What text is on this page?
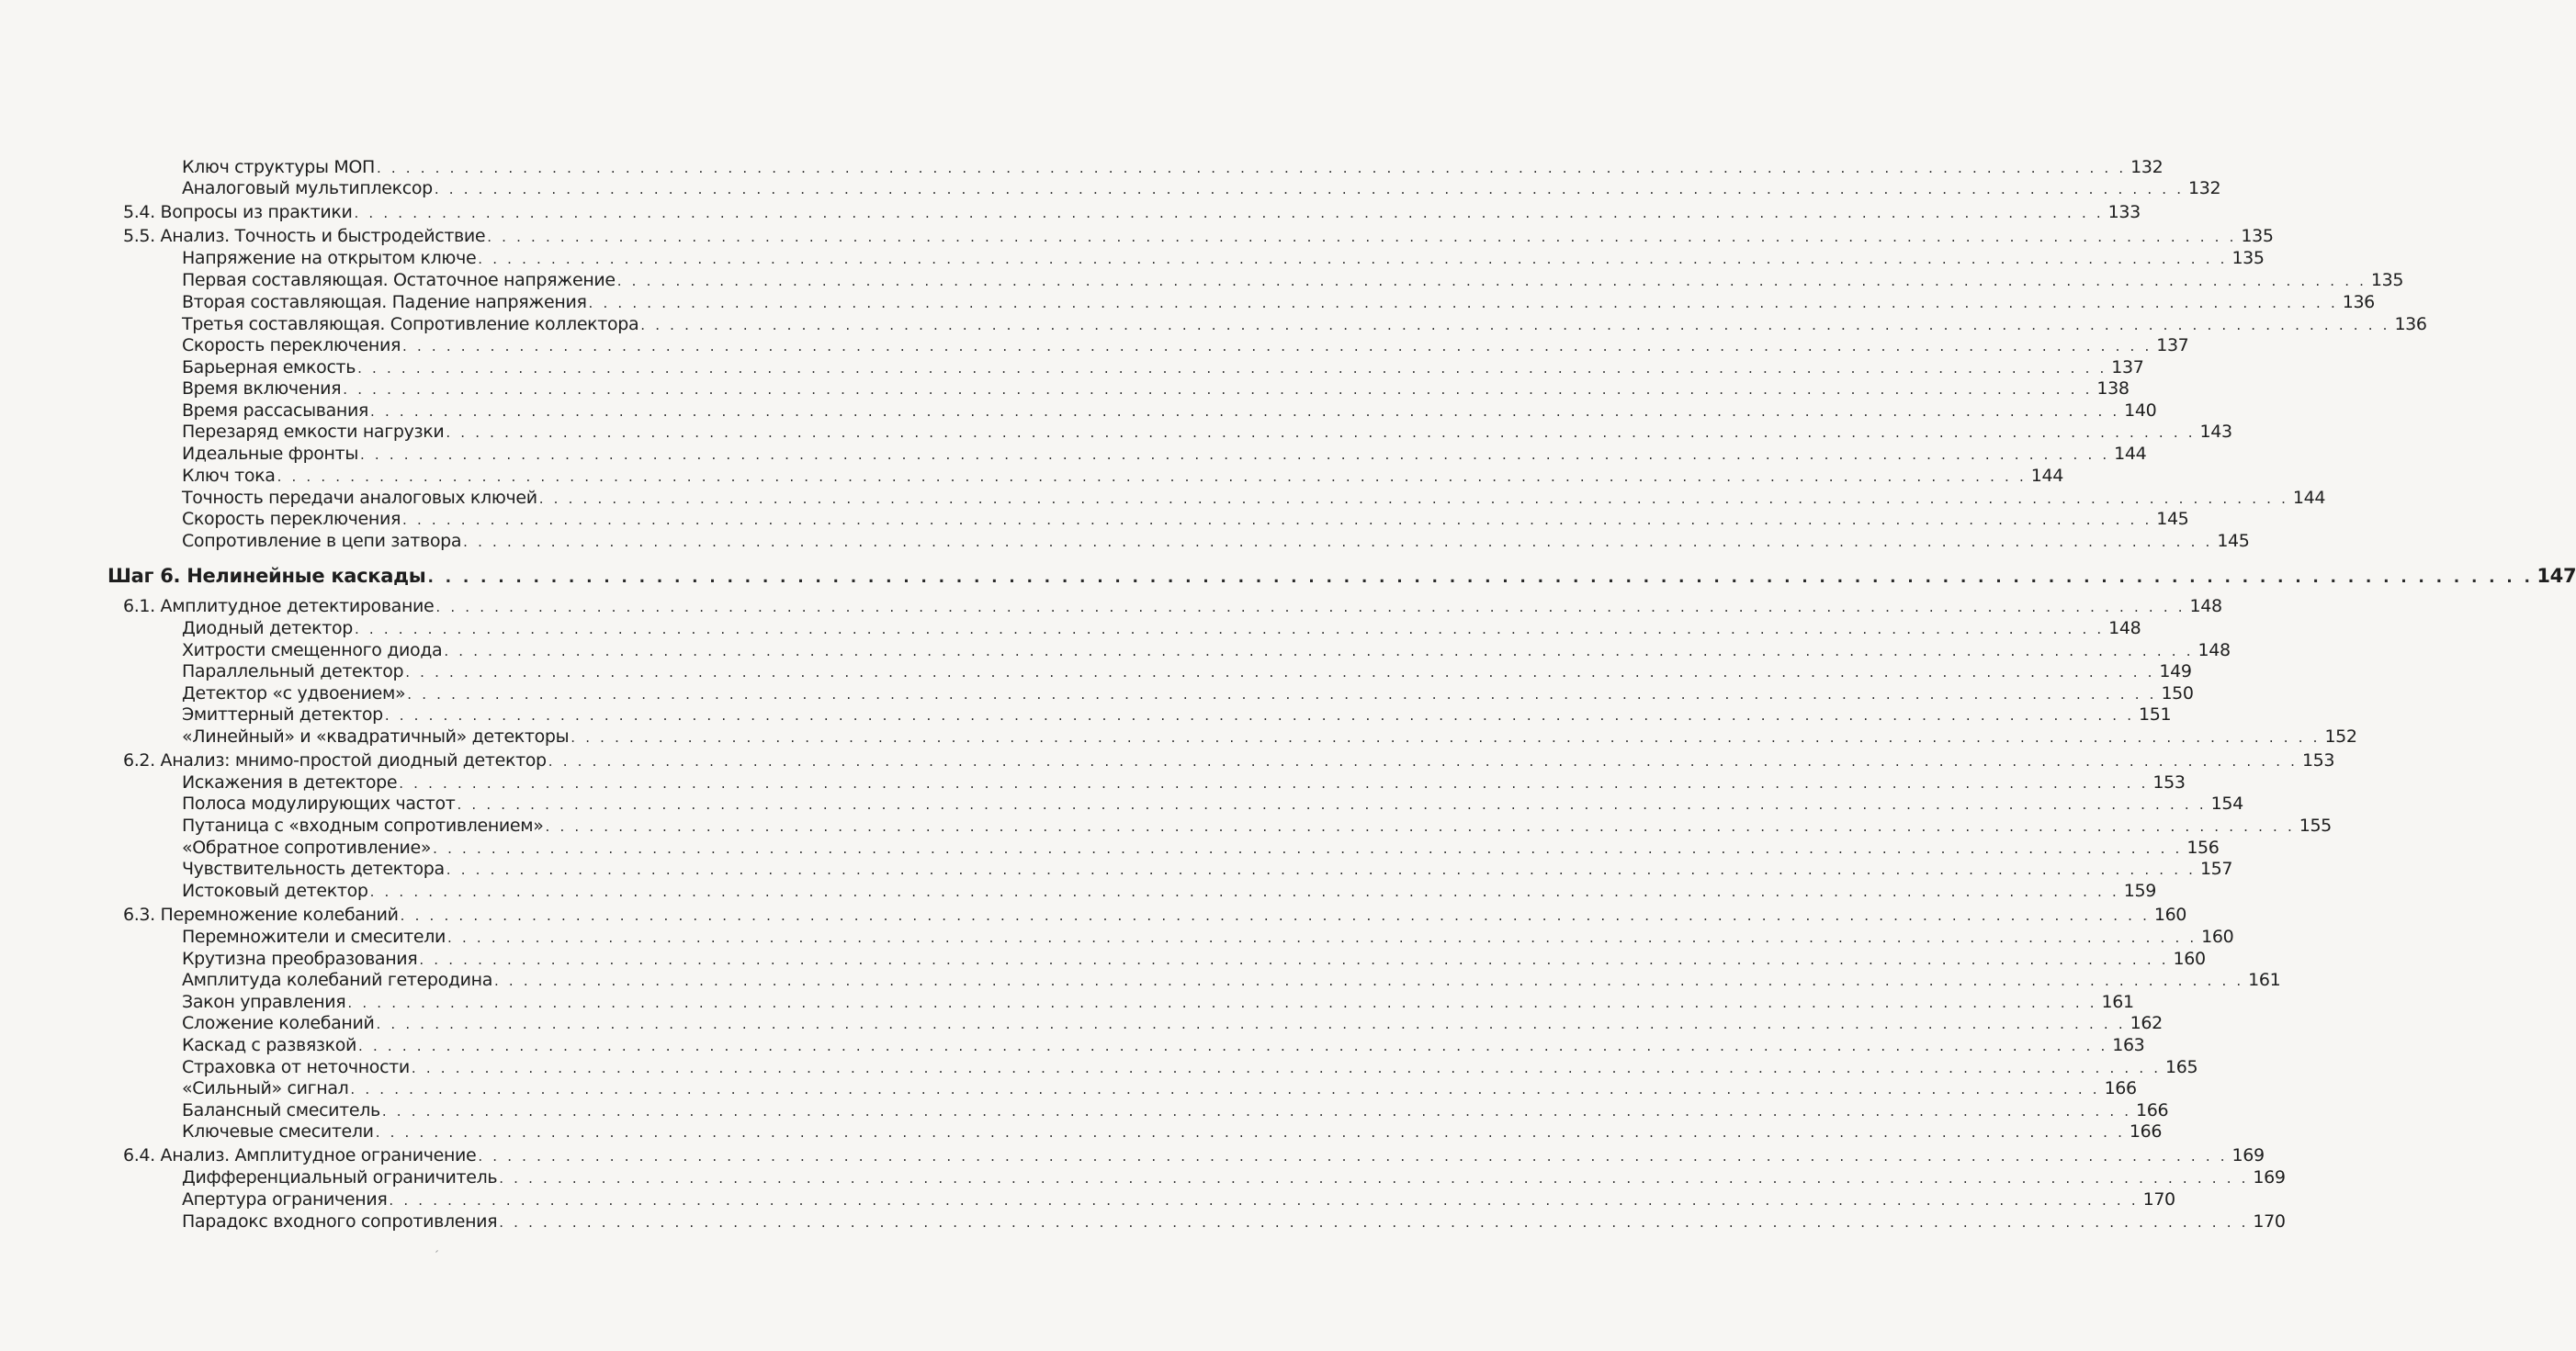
Ключ структуры МОП . . . . . . . . . . . . . . . . . . . . . . . . . . . . . . . . . . . . . . . . . . . . . . . . . . . . . . . . . . . . . . . . . . . . . . . . . . . . . . . . . . . . . . . . . . . . . . . . . . . . . . . . . . . . . . . . . . . . . . . . 132
Аналоговый мультиплексор . . . . . . . . . . . . . . . . . . . . . . . . . . . . . . . . . . . . . . . . . . . . . . . . . . . . . . . . . . . . . . . . . . . . . . . . . . . . . . . . . . . . . . . . . . . . . . . . . . . . . . . . . . . . . . . . . . . . . . . . 132
5.4. Вопросы из практики . . . . . . . . . . . . . . . . . . . . . . . . . . . . . . . . . . . . . . . . . . . . . . . . . . . . . . . . . . . . . . . . . . . . . . . . . . . . . . . . . . . . . . . . . . . . . . . . . . . . . . . . . . . . . . . . . . . . . . . . 133
5.5. Анализ. Точность и быстродействие . . . . . . . . . . . . . . . . . . . . . . . . . . . . . . . . . . . . . . . . . . . . . . . . . . . . . . . . . . . . . . . . . . . . . . . . . . . . . . . . . . . . . . . . . . . . . . . . . . . . . . . . . . . . . . . . . . . . . . . . 135
Напряжение на открытом ключе . . . . . . . . . . . . . . . . . . . . . . . . . . . . . . . . . . . . . . . . . . . . . . . . . . . . . . . . . . . . . . . . . . . . . . . . . . . . . . . . . . . . . . . . . . . . . . . . . . . . . . . . . . . . . . . . . . . . . . . . 135
Первая составляющая. Остаточное напряжение . . . . . . . . . . . . . . . . . . . . . . . . . . . . . . . . . . . . . . . . . . . . . . . . . . . . . . . . . . . . . . . . . . . . . . . . . . . . . . . . . . . . . . . . . . . . . . . . . . . . . . . . . . . . . . . . . . . . . . . . 135
Вторая составляющая. Падение напряжения . . . . . . . . . . . . . . . . . . . . . . . . . . . . . . . . . . . . . . . . . . . . . . . . . . . . . . . . . . . . . . . . . . . . . . . . . . . . . . . . . . . . . . . . . . . . . . . . . . . . . . . . . . . . . . . . . . . . . . . . 136
Третья составляющая. Сопротивление коллектора . . . . . . . . . . . . . . . . . . . . . . . . . . . . . . . . . . . . . . . . . . . . . . . . . . . . . . . . . . . . . . . . . . . . . . . . . . . . . . . . . . . . . . . . . . . . . . . . . . . . . . . . . . . . . . . . . . . . . . . . 136
Скорость переключения . . . . . . . . . . . . . . . . . . . . . . . . . . . . . . . . . . . . . . . . . . . . . . . . . . . . . . . . . . . . . . . . . . . . . . . . . . . . . . . . . . . . . . . . . . . . . . . . . . . . . . . . . . . . . . . . . . . . . . . . 137
Барьерная емкость . . . . . . . . . . . . . . . . . . . . . . . . . . . . . . . . . . . . . . . . . . . . . . . . . . . . . . . . . . . . . . . . . . . . . . . . . . . . . . . . . . . . . . . . . . . . . . . . . . . . . . . . . . . . . . . . . . . . . . . . 137
Время включения . . . . . . . . . . . . . . . . . . . . . . . . . . . . . . . . . . . . . . . . . . . . . . . . . . . . . . . . . . . . . . . . . . . . . . . . . . . . . . . . . . . . . . . . . . . . . . . . . . . . . . . . . . . . . . . . . . . . . . . . 138
Время рассасывания . . . . . . . . . . . . . . . . . . . . . . . . . . . . . . . . . . . . . . . . . . . . . . . . . . . . . . . . . . . . . . . . . . . . . . . . . . . . . . . . . . . . . . . . . . . . . . . . . . . . . . . . . . . . . . . . . . . . . . . . 140
Перезаряд емкости нагрузки . . . . . . . . . . . . . . . . . . . . . . . . . . . . . . . . . . . . . . . . . . . . . . . . . . . . . . . . . . . . . . . . . . . . . . . . . . . . . . . . . . . . . . . . . . . . . . . . . . . . . . . . . . . . . . . . . . . . . . . . 143
Идеальные фронты . . . . . . . . . . . . . . . . . . . . . . . . . . . . . . . . . . . . . . . . . . . . . . . . . . . . . . . . . . . . . . . . . . . . . . . . . . . . . . . . . . . . . . . . . . . . . . . . . . . . . . . . . . . . . . . . . . . . . . . . 144
Ключ тока . . . . . . . . . . . . . . . . . . . . . . . . . . . . . . . . . . . . . . . . . . . . . . . . . . . . . . . . . . . . . . . . . . . . . . . . . . . . . . . . . . . . . . . . . . . . . . . . . . . . . . . . . . . . . . . . . . . . . . . . 144
Точность передачи аналоговых ключей . . . . . . . . . . . . . . . . . . . . . . . . . . . . . . . . . . . . . . . . . . . . . . . . . . . . . . . . . . . . . . . . . . . . . . . . . . . . . . . . . . . . . . . . . . . . . . . . . . . . . . . . . . . . . . . . . . . . . . . . 144
Скорость переключения . . . . . . . . . . . . . . . . . . . . . . . . . . . . . . . . . . . . . . . . . . . . . . . . . . . . . . . . . . . . . . . . . . . . . . . . . . . . . . . . . . . . . . . . . . . . . . . . . . . . . . . . . . . . . . . . . . . . . . . . 145
Сопротивление в цепи затвора . . . . . . . . . . . . . . . . . . . . . . . . . . . . . . . . . . . . . . . . . . . . . . . . . . . . . . . . . . . . . . . . . . . . . . . . . . . . . . . . . . . . . . . . . . . . . . . . . . . . . . . . . . . . . . . . . . . . . . . . 145
Шаг 6. Нелинейные каскады . . . . . . . . . . . . . . . . . . . . . . . . . . . . . . . . . . . . . . . . . . . . . . . . . . . . . . . . . . . . . . . . . . . . . . . . . . . . . . . . . . . . . . . . . . . . . . . . . . . . . . . . . . . . . . . . . . . . . . . . 147
6.1. Амплитудное детектирование . . . . . . . . . . . . . . . . . . . . . . . . . . . . . . . . . . . . . . . . . . . . . . . . . . . . . . . . . . . . . . . . . . . . . . . . . . . . . . . . . . . . . . . . . . . . . . . . . . . . . . . . . . . . . . . . . . . . . . . . 148
Диодный детектор . . . . . . . . . . . . . . . . . . . . . . . . . . . . . . . . . . . . . . . . . . . . . . . . . . . . . . . . . . . . . . . . . . . . . . . . . . . . . . . . . . . . . . . . . . . . . . . . . . . . . . . . . . . . . . . . . . . . . . . . 148
Хитрости смещенного диода . . . . . . . . . . . . . . . . . . . . . . . . . . . . . . . . . . . . . . . . . . . . . . . . . . . . . . . . . . . . . . . . . . . . . . . . . . . . . . . . . . . . . . . . . . . . . . . . . . . . . . . . . . . . . . . . . . . . . . . . 148
Параллельный детектор . . . . . . . . . . . . . . . . . . . . . . . . . . . . . . . . . . . . . . . . . . . . . . . . . . . . . . . . . . . . . . . . . . . . . . . . . . . . . . . . . . . . . . . . . . . . . . . . . . . . . . . . . . . . . . . . . . . . . . . . 149
Детектор «с удвоением» . . . . . . . . . . . . . . . . . . . . . . . . . . . . . . . . . . . . . . . . . . . . . . . . . . . . . . . . . . . . . . . . . . . . . . . . . . . . . . . . . . . . . . . . . . . . . . . . . . . . . . . . . . . . . . . . . . . . . . . . 150
Эмиттерный детектор . . . . . . . . . . . . . . . . . . . . . . . . . . . . . . . . . . . . . . . . . . . . . . . . . . . . . . . . . . . . . . . . . . . . . . . . . . . . . . . . . . . . . . . . . . . . . . . . . . . . . . . . . . . . . . . . . . . . . . . . 151
«Линейный» и «квадратичный» детекторы . . . . . . . . . . . . . . . . . . . . . . . . . . . . . . . . . . . . . . . . . . . . . . . . . . . . . . . . . . . . . . . . . . . . . . . . . . . . . . . . . . . . . . . . . . . . . . . . . . . . . . . . . . . . . . . . . . . . . . . . 152
6.2. Анализ: мнимо-простой диодный детектор . . . . . . . . . . . . . . . . . . . . . . . . . . . . . . . . . . . . . . . . . . . . . . . . . . . . . . . . . . . . . . . . . . . . . . . . . . . . . . . . . . . . . . . . . . . . . . . . . . . . . . . . . . . . . . . . . . . . . . . . 153
Искажения в детекторе . . . . . . . . . . . . . . . . . . . . . . . . . . . . . . . . . . . . . . . . . . . . . . . . . . . . . . . . . . . . . . . . . . . . . . . . . . . . . . . . . . . . . . . . . . . . . . . . . . . . . . . . . . . . . . . . . . . . . . . . 153
Полоса модулирующих частот . . . . . . . . . . . . . . . . . . . . . . . . . . . . . . . . . . . . . . . . . . . . . . . . . . . . . . . . . . . . . . . . . . . . . . . . . . . . . . . . . . . . . . . . . . . . . . . . . . . . . . . . . . . . . . . . . . . . . . . . 154
Путаница с «входным сопротивлением» . . . . . . . . . . . . . . . . . . . . . . . . . . . . . . . . . . . . . . . . . . . . . . . . . . . . . . . . . . . . . . . . . . . . . . . . . . . . . . . . . . . . . . . . . . . . . . . . . . . . . . . . . . . . . . . . . . . . . . . . 155
«Обратное сопротивление» . . . . . . . . . . . . . . . . . . . . . . . . . . . . . . . . . . . . . . . . . . . . . . . . . . . . . . . . . . . . . . . . . . . . . . . . . . . . . . . . . . . . . . . . . . . . . . . . . . . . . . . . . . . . . . . . . . . . . . . . 156
Чувствительность детектора . . . . . . . . . . . . . . . . . . . . . . . . . . . . . . . . . . . . . . . . . . . . . . . . . . . . . . . . . . . . . . . . . . . . . . . . . . . . . . . . . . . . . . . . . . . . . . . . . . . . . . . . . . . . . . . . . . . . . . . . 157
Истоковый детектор . . . . . . . . . . . . . . . . . . . . . . . . . . . . . . . . . . . . . . . . . . . . . . . . . . . . . . . . . . . . . . . . . . . . . . . . . . . . . . . . . . . . . . . . . . . . . . . . . . . . . . . . . . . . . . . . . . . . . . . . 159
6.3. Перемножение колебаний . . . . . . . . . . . . . . . . . . . . . . . . . . . . . . . . . . . . . . . . . . . . . . . . . . . . . . . . . . . . . . . . . . . . . . . . . . . . . . . . . . . . . . . . . . . . . . . . . . . . . . . . . . . . . . . . . . . . . . . . 160
Перемножители и смесители . . . . . . . . . . . . . . . . . . . . . . . . . . . . . . . . . . . . . . . . . . . . . . . . . . . . . . . . . . . . . . . . . . . . . . . . . . . . . . . . . . . . . . . . . . . . . . . . . . . . . . . . . . . . . . . . . . . . . . . . 160
Крутизна преобразования . . . . . . . . . . . . . . . . . . . . . . . . . . . . . . . . . . . . . . . . . . . . . . . . . . . . . . . . . . . . . . . . . . . . . . . . . . . . . . . . . . . . . . . . . . . . . . . . . . . . . . . . . . . . . . . . . . . . . . . . 160
Амплитуда колебаний гетеродина . . . . . . . . . . . . . . . . . . . . . . . . . . . . . . . . . . . . . . . . . . . . . . . . . . . . . . . . . . . . . . . . . . . . . . . . . . . . . . . . . . . . . . . . . . . . . . . . . . . . . . . . . . . . . . . . . . . . . . . . 161
Закон управления . . . . . . . . . . . . . . . . . . . . . . . . . . . . . . . . . . . . . . . . . . . . . . . . . . . . . . . . . . . . . . . . . . . . . . . . . . . . . . . . . . . . . . . . . . . . . . . . . . . . . . . . . . . . . . . . . . . . . . . . 161
Сложение колебаний . . . . . . . . . . . . . . . . . . . . . . . . . . . . . . . . . . . . . . . . . . . . . . . . . . . . . . . . . . . . . . . . . . . . . . . . . . . . . . . . . . . . . . . . . . . . . . . . . . . . . . . . . . . . . . . . . . . . . . . . 162
Каскад с развязкой . . . . . . . . . . . . . . . . . . . . . . . . . . . . . . . . . . . . . . . . . . . . . . . . . . . . . . . . . . . . . . . . . . . . . . . . . . . . . . . . . . . . . . . . . . . . . . . . . . . . . . . . . . . . . . . . . . . . . . . . 163
Страховка от неточности . . . . . . . . . . . . . . . . . . . . . . . . . . . . . . . . . . . . . . . . . . . . . . . . . . . . . . . . . . . . . . . . . . . . . . . . . . . . . . . . . . . . . . . . . . . . . . . . . . . . . . . . . . . . . . . . . . . . . . . . 165
«Сильный» сигнал . . . . . . . . . . . . . . . . . . . . . . . . . . . . . . . . . . . . . . . . . . . . . . . . . . . . . . . . . . . . . . . . . . . . . . . . . . . . . . . . . . . . . . . . . . . . . . . . . . . . . . . . . . . . . . . . . . . . . . . . 166
Балансный смеситель . . . . . . . . . . . . . . . . . . . . . . . . . . . . . . . . . . . . . . . . . . . . . . . . . . . . . . . . . . . . . . . . . . . . . . . . . . . . . . . . . . . . . . . . . . . . . . . . . . . . . . . . . . . . . . . . . . . . . . . . 166
Ключевые смесители . . . . . . . . . . . . . . . . . . . . . . . . . . . . . . . . . . . . . . . . . . . . . . . . . . . . . . . . . . . . . . . . . . . . . . . . . . . . . . . . . . . . . . . . . . . . . . . . . . . . . . . . . . . . . . . . . . . . . . . . 166
6.4. Анализ. Амплитудное ограничение . . . . . . . . . . . . . . . . . . . . . . . . . . . . . . . . . . . . . . . . . . . . . . . . . . . . . . . . . . . . . . . . . . . . . . . . . . . . . . . . . . . . . . . . . . . . . . . . . . . . . . . . . . . . . . . . . . . . . . . . 169
Дифференциальный ограничитель . . . . . . . . . . . . . . . . . . . . . . . . . . . . . . . . . . . . . . . . . . . . . . . . . . . . . . . . . . . . . . . . . . . . . . . . . . . . . . . . . . . . . . . . . . . . . . . . . . . . . . . . . . . . . . . . . . . . . . . . 169
Апертура ограничения . . . . . . . . . . . . . . . . . . . . . . . . . . . . . . . . . . . . . . . . . . . . . . . . . . . . . . . . . . . . . . . . . . . . . . . . . . . . . . . . . . . . . . . . . . . . . . . . . . . . . . . . . . . . . . . . . . . . . . . . 170
Парадокс входного сопротивления . . . . . . . . . . . . . . . . . . . . . . . . . . . . . . . . . . . . . . . . . . . . . . . . . . . . . . . . . . . . . . . . . . . . . . . . . . . . . . . . . . . . . . . . . . . . . . . . . . . . . . . . . . . . . . . . . . . . . . . . 170
